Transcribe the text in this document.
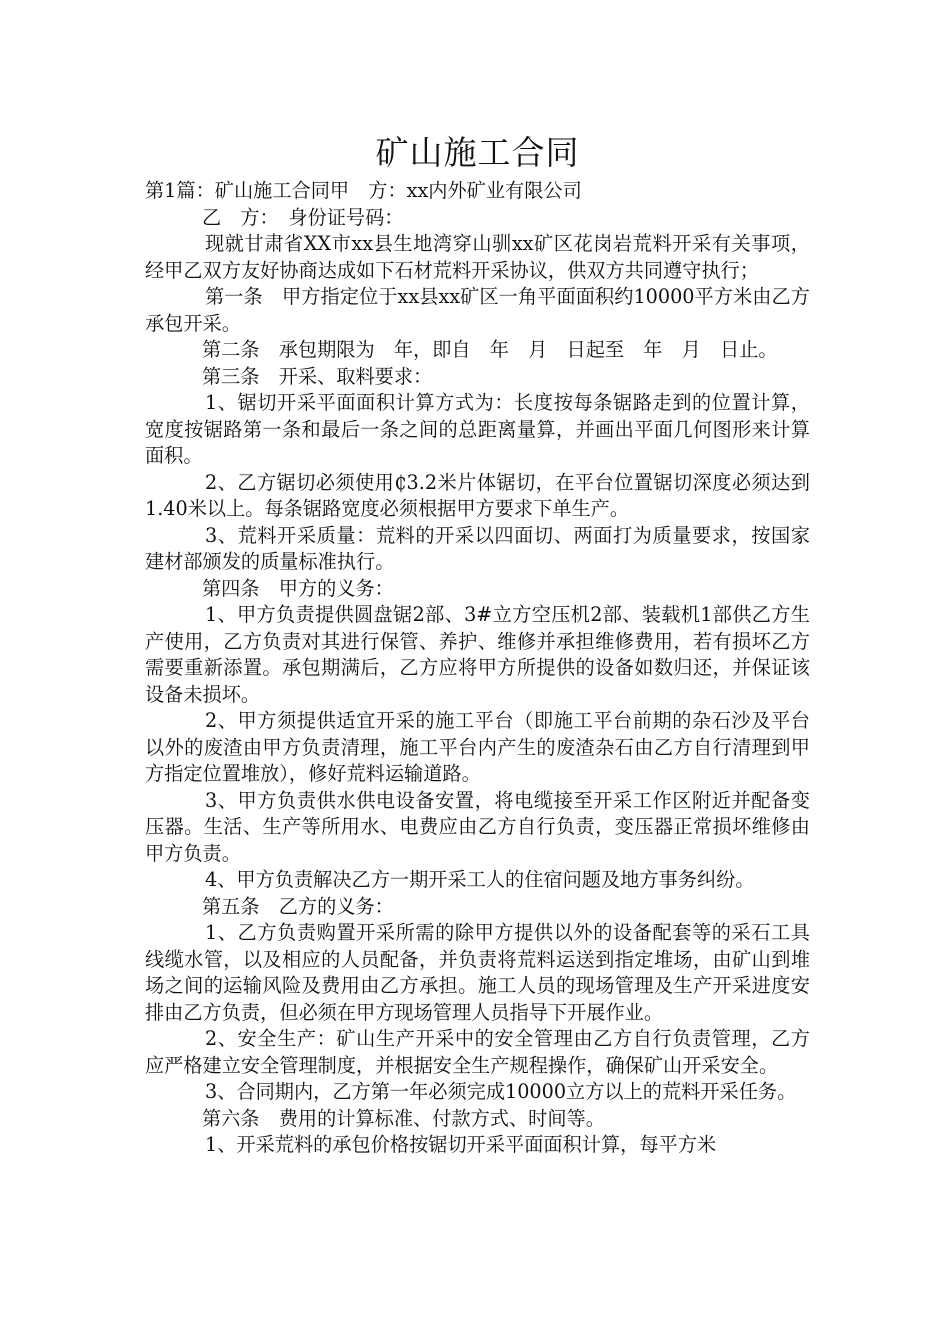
矿山施工合同

第1篇：矿山施工合同甲　方：xx内外矿业有限公司

乙　方：　身份证号码：

现就甘肃省XX市xx县生地湾穿山驯xx矿区花岗岩荒料开采有关事项，经甲乙双方友好协商达成如下石材荒料开采协议，供双方共同遵守执行；

第一条　甲方指定位于xx县xx矿区一角平面面积约10000平方米由乙方承包开采。

第二条　承包期限为　年，即自　年　月　日起至　年　月　日止。

第三条　开采、取料要求：

1、锯切开采平面面积计算方式为：长度按每条锯路走到的位置计算，宽度按锯路第一条和最后一条之间的总距离量算，并画出平面几何图形来计算面积。

2、乙方锯切必须使用₵3.2米片体锯切，在平台位置锯切深度必须达到1.40米以上。每条锯路宽度必须根据甲方要求下单生产。

3、荒料开采质量：荒料的开采以四面切、两面打为质量要求，按国家建材部颁发的质量标准执行。

第四条　甲方的义务：

1、甲方负责提供圆盘锯2部、3#立方空压机2部、装载机1部供乙方生产使用，乙方负责对其进行保管、养护、维修并承担维修费用，若有损坏乙方需要重新添置。承包期满后，乙方应将甲方所提供的设备如数归还，并保证该设备未损坏。

2、甲方须提供适宜开采的施工平台（即施工平台前期的杂石沙及平台以外的废渣由甲方负责清理，施工平台内产生的废渣杂石由乙方自行清理到甲方指定位置堆放），修好荒料运输道路。

3、甲方负责供水供电设备安置，将电缆接至开采工作区附近并配备变压器。生活、生产等所用水、电费应由乙方自行负责，变压器正常损坏维修由甲方负责。

4、甲方负责解决乙方一期开采工人的住宿问题及地方事务纠纷。

第五条　乙方的义务：

1、乙方负责购置开采所需的除甲方提供以外的设备配套等的采石工具线缆水管，以及相应的人员配备，并负责将荒料运送到指定堆场，由矿山到堆场之间的运输风险及费用由乙方承担。施工人员的现场管理及生产开采进度安排由乙方负责，但必须在甲方现场管理人员指导下开展作业。

2、安全生产：矿山生产开采中的安全管理由乙方自行负责管理，乙方应严格建立安全管理制度，并根据安全生产规程操作，确保矿山开采安全。

3、合同期内，乙方第一年必须完成10000立方以上的荒料开采任务。

第六条　费用的计算标准、付款方式、时间等。

1、开采荒料的承包价格按锯切开采平面面积计算，每平方米
